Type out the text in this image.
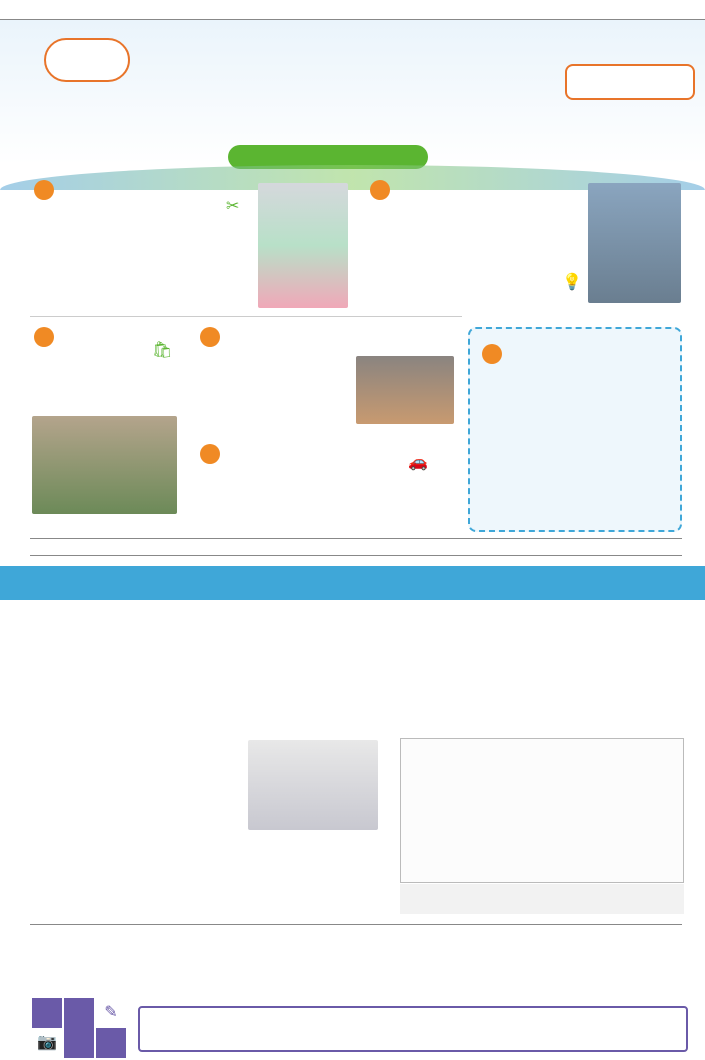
✂
💡
🛍
🚗
✎
📷
